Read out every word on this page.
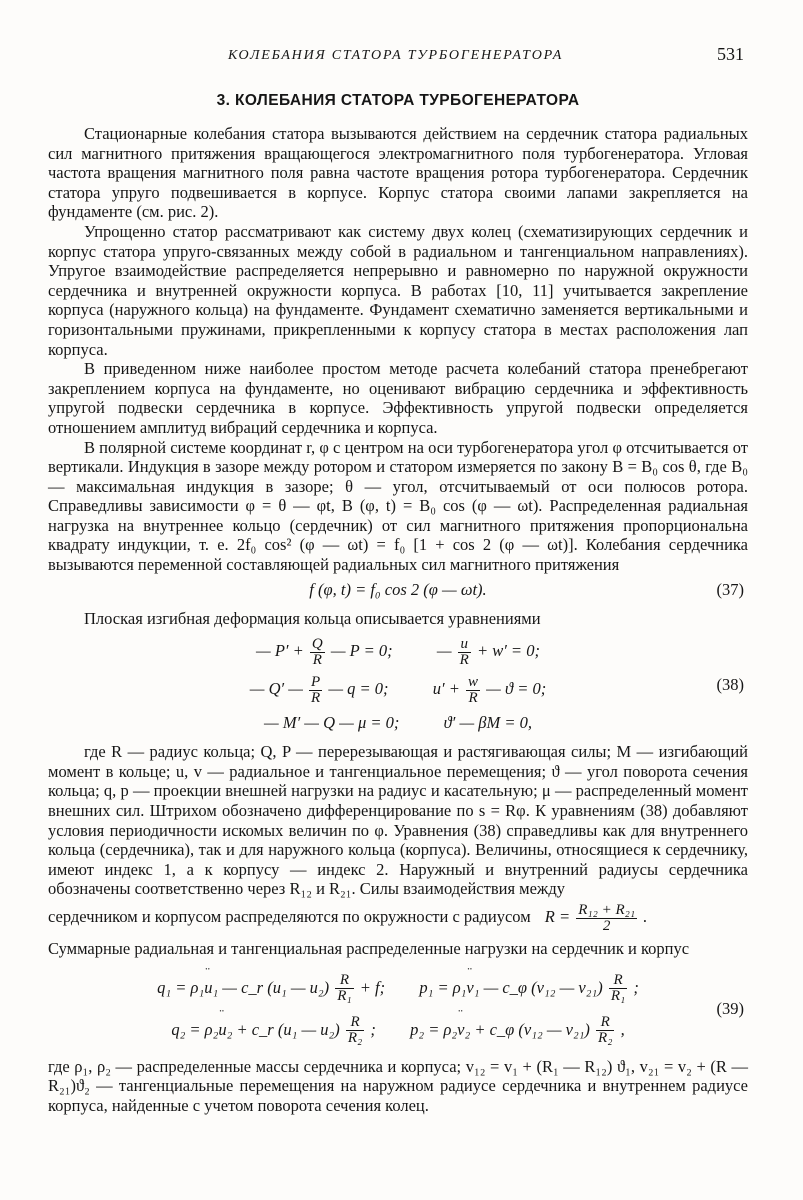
КОЛЕБАНИЯ СТАТОРА ТУРБОГЕНЕРАТОРА	531
3. КОЛЕБАНИЯ СТАТОРА ТУРБОГЕНЕРАТОРА

Стационарные колебания статора вызываются действием на сердечник статора радиальных сил магнитного притяжения вращающегося электромагнитного поля турбогенератора. Угловая частота вращения магнитного поля равна частоте вращения ротора турбогенератора. Сердечник статора упруго подвешивается в корпусе. Корпус статора своими лапами закрепляется на фундаменте (см. рис. 2).

Упрощенно статор рассматривают как систему двух колец (схематизирующих сердечник и корпус статора упруго-связанных между собой в радиальном и тангенциальном направлениях). Упругое взаимодействие распределяется непрерывно и равномерно по наружной окружности сердечника и внутренней окружности корпуса. В работах [10, 11] учитывается закрепление корпуса (наружного кольца) на фундаменте. Фундамент схематично заменяется вертикальными и горизонтальными пружинами, прикрепленными к корпусу статора в местах расположения лап корпуса.

В приведенном ниже наиболее простом методе расчета колебаний статора пренебрегают закреплением корпуса на фундаменте, но оценивают вибрацию сердечника и эффективность упругой подвески сердечника в корпусе. Эффективность упругой подвески определяется отношением амплитуд вибраций сердечника и корпуса.

В полярной системе координат r, φ с центром на оси турбогенератора угол φ отсчитывается от вертикали. Индукция в зазоре между ротором и статором измеряется по закону B = B₀ cos θ, где B₀ — максимальная индукция в зазоре; θ — угол, отсчитываемый от оси полюсов ротора. Справедливы зависимости φ = θ — φt, B (φ, t) = B₀ cos (φ — ωt). Распределенная радиальная нагрузка на внутреннее кольцо (сердечник) от сил магнитного притяжения пропорциональна квадрату индукции, т. е. 2f₀ cos² (φ — ωt) = f₀ [1 + cos 2 (φ — ωt)]. Колебания сердечника вызываются переменной составляющей радиальных сил магнитного притяжения

f (φ, t) = f₀ cos 2 (φ — ωt).	(37)

Плоская изгибная деформация кольца описывается уравнениями

— $P' + \frac{Q}{R}$ — P = 0;	— $\frac{u}{R} + w' = 0$;
— Q′ — $\frac{P}{R}$ — q = 0;	$u' + \frac{w}{R}$ — ϑ = 0;
— M′ — Q — μ = 0;	ϑ′ — βM = 0,
(38)

где R — радиус кольца; Q, P — перерезывающая и растягивающая силы; M — изгибающий момент в кольце; u, v — радиальное и тангенциальное перемещения; ϑ — угол поворота сечения кольца; q, p — проекции внешней нагрузки на радиус и касательную; μ — распределенный момент внешних сил. Штрихом обозначено дифференцирование по s = Rφ. К уравнениям (38) добавляют условия периодичности искомых величин по φ. Уравнения (38) справедливы как для внутреннего кольца (сердечника), так и для наружного кольца (корпуса). Величины, относящиеся к сердечнику, имеют индекс 1, а к корпусу — индекс 2. Наружный и внутренний радиусы сердечника обозначены соответственно через R₁₂ и R₂₁. Силы взаимодействия между

сердечником и корпусом распределяются по окружности с радиусом $R = \frac{\text{R₁₂ + R₂₁}}{2}$ .

Суммарные радиальная и тангенциальная распределенные нагрузки на сердечник и корпус

q₁ = ρ₁¨ u₁ — c_r (u₁ — $u_2) \frac{R}{\text{R₁}} + f$; p₁ = ρ₁¨ v₁ — c_φ (v₁₂ — $v_{21}) \frac{R}{\text{R₁}}$ ;
q₂ = ρ₂¨ u₂ + c_r (u₁ — $u_2) \frac{R}{\text{R₂}}$ ; p₂ = ρ₂¨ v₂ + c_φ (v₁₂ — $v_{21}) \frac{R}{\text{R₂}}$ ,
(39)

где ρ₁, ρ₂ — распределенные массы сердечника и корпуса; v₁₂ = v₁ + (R₁ — R₁₂) ϑ₁, v₂₁ = v₂ + (R — R₂₁)ϑ₂ — тангенциальные перемещения на наружном радиусе сердечника и внутреннем радиусе корпуса, найденные с учетом поворота сечения колец.
